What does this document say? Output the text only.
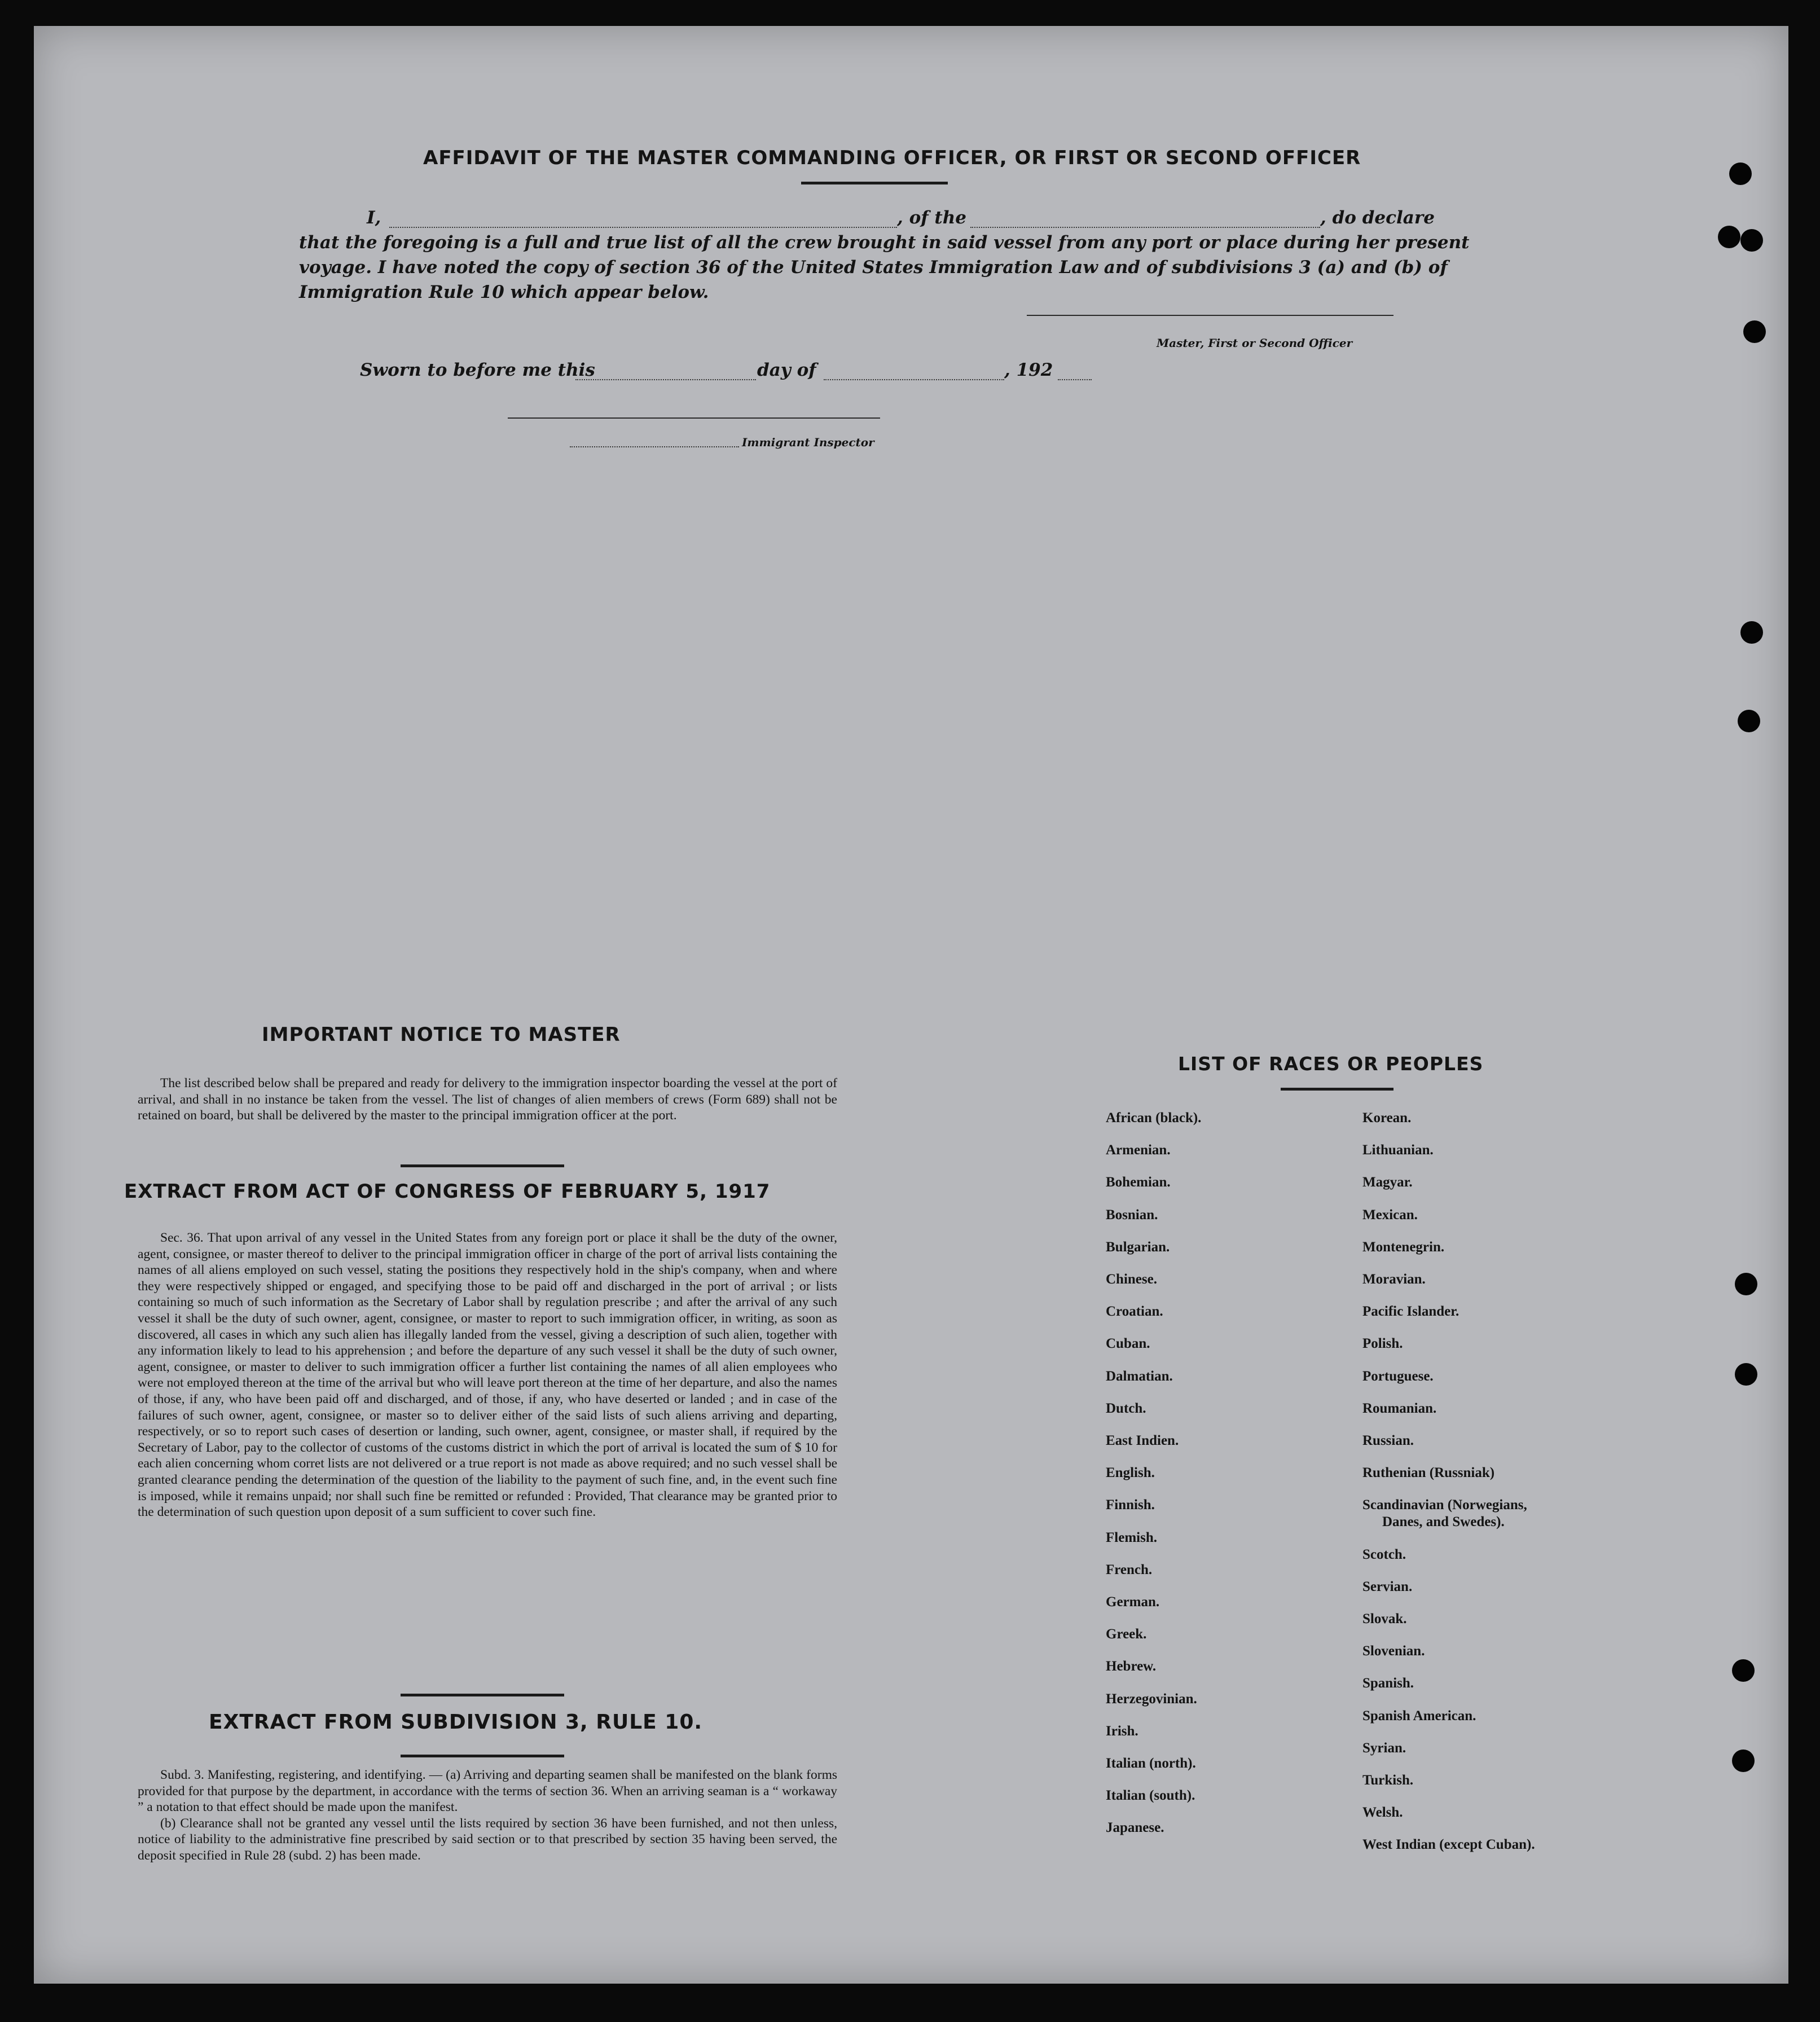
AFFIDAVIT OF THE MASTER COMMANDING OFFICER, OR FIRST OR SECOND OFFICER
I,	, of the	, do declare
that the foregoing is a full and true list of all the crew brought in said vessel from any port or place during her present
voyage. I have noted the copy of section 36 of the United States Immigration Law and of subdivisions 3 (a) and (b) of
Immigration Rule 10 which appear below.
Master, First or Second Officer
Sworn to before me this	day of	, 192
Immigrant Inspector
IMPORTANT NOTICE TO MASTER

The list described below shall be prepared and ready for delivery to the immigration inspector boarding the vessel at the port of arrival, and shall in no instance be taken from the vessel. The list of changes of alien members of crews (Form 689) shall not be retained on board, but shall be delivered by the master to the principal immigration officer at the port.

EXTRACT FROM ACT OF CONGRESS OF FEBRUARY 5, 1917

Sec. 36. That upon arrival of any vessel in the United States from any foreign port or place it shall be the duty of the owner, agent, consignee, or master thereof to deliver to the principal immigration officer in charge of the port of arrival lists containing the names of all aliens employed on such vessel, stating the positions they respectively hold in the ship's company, when and where they were respectively shipped or engaged, and specifying those to be paid off and discharged in the port of arrival ; or lists containing so much of such information as the Secretary of Labor shall by regulation prescribe ; and after the arrival of any such vessel it shall be the duty of such owner, agent, consignee, or master to report to such immigration officer, in writing, as soon as discovered, all cases in which any such alien has illegally landed from the vessel, giving a description of such alien, together with any information likely to lead to his apprehension ; and before the departure of any such vessel it shall be the duty of such owner, agent, consignee, or master to deliver to such immigration officer a further list containing the names of all alien employees who were not employed thereon at the time of the arrival but who will leave port thereon at the time of her departure, and also the names of those, if any, who have been paid off and discharged, and of those, if any, who have deserted or landed ; and in case of the failures of such owner, agent, consignee, or master so to deliver either of the said lists of such aliens arriving and departing, respectively, or so to report such cases of desertion or landing, such owner, agent, consignee, or master shall, if required by the Secretary of Labor, pay to the collector of customs of the customs district in which the port of arrival is located the sum of $ 10 for each alien concerning whom corret lists are not delivered or a true report is not made as above required; and no such vessel shall be granted clearance pending the determination of the question of the liability to the payment of such fine, and, in the event such fine is imposed, while it remains unpaid; nor shall such fine be remitted or refunded : Provided, That clearance may be granted prior to the determination of such question upon deposit of a sum sufficient to cover such fine.

EXTRACT FROM SUBDIVISION 3, RULE 10.

Subd. 3. Manifesting, registering, and identifying. — (a) Arriving and departing seamen shall be manifested on the blank forms provided for that purpose by the department, in accordance with the terms of section 36. When an arriving seaman is a “ workaway ” a notation to that effect should be made upon the manifest.

(b) Clearance shall not be granted any vessel until the lists required by section 36 have been furnished, and not then unless, notice of liability to the administrative fine prescribed by said section or to that prescribed by section 35 having been served, the deposit specified in Rule 28 (subd. 2) has been made.

LIST OF RACES OR PEOPLES
African (black).
Armenian.
Bohemian.
Bosnian.
Bulgarian.
Chinese.
Croatian.
Cuban.
Dalmatian.
Dutch.
East Indien.
English.
Finnish.
Flemish.
French.
German.
Greek.
Hebrew.
Herzegovinian.
Irish.
Italian (north).
Italian (south).
Japanese.
Korean.
Lithuanian.
Magyar.
Mexican.
Montenegrin.
Moravian.
Pacific Islander.
Polish.
Portuguese.
Roumanian.
Russian.
Ruthenian (Russniak)
Scandinavian (Norwegians,
Danes, and Swedes).
Scotch.
Servian.
Slovak.
Slovenian.
Spanish.
Spanish American.
Syrian.
Turkish.
Welsh.
West Indian (except Cuban).
